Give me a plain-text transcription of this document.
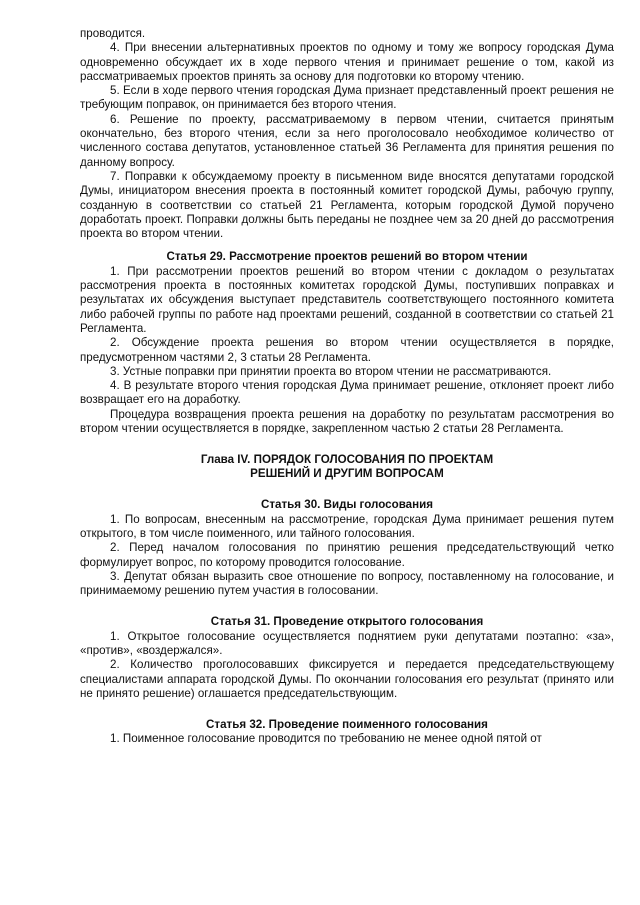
проводится.

4. При внесении альтернативных проектов по одному и тому же вопросу городская Дума одновременно обсуждает их в ходе первого чтения и принимает решение о том, какой из рассматриваемых проектов принять за основу для подготовки ко второму чтению.

5. Если в ходе первого чтения городская Дума признает представленный проект решения не требующим поправок, он принимается без второго чтения.

6. Решение по проекту, рассматриваемому в первом чтении, считается принятым окончательно, без второго чтения, если за него проголосовало необходимое количество от численного состава депутатов, установленное статьей 36 Регламента для принятия решения по данному вопросу.

7. Поправки к обсуждаемому проекту в письменном виде вносятся депутатами городской Думы, инициатором внесения проекта в постоянный комитет городской Думы, рабочую группу, созданную в соответствии со статьей 21 Регламента, которым городской Думой поручено доработать проект. Поправки должны быть переданы не позднее чем за 20 дней до рассмотрения проекта во втором чтении.

Статья 29. Рассмотрение проектов решений во втором чтении

1. При рассмотрении проектов решений во втором чтении с докладом о результатах рассмотрения проекта в постоянных комитетах городской Думы, поступивших поправках и результатах их обсуждения выступает представитель соответствующего постоянного комитета либо рабочей группы по работе над проектами решений, созданной в соответствии со статьей 21 Регламента.

2. Обсуждение проекта решения во втором чтении осуществляется в порядке, предусмотренном частями 2, 3 статьи 28 Регламента.

3. Устные поправки при принятии проекта во втором чтении не рассматриваются.

4. В результате второго чтения городская Дума принимает решение, отклоняет проект либо возвращает его на доработку.

Процедура возвращения проекта решения на доработку по результатам рассмотрения во втором чтении осуществляется в порядке, закрепленном частью 2 статьи 28 Регламента.

Глава IV. ПОРЯДОК ГОЛОСОВАНИЯ ПО ПРОЕКТАМ

РЕШЕНИЙ И ДРУГИМ ВОПРОСАМ

Статья 30. Виды голосования

1. По вопросам, внесенным на рассмотрение, городская Дума принимает решения путем открытого, в том числе поименного, или тайного голосования.

2. Перед началом голосования по принятию решения председательствующий четко формулирует вопрос, по которому проводится голосование.

3. Депутат обязан выразить свое отношение по вопросу, поставленному на голосование, и принимаемому решению путем участия в голосовании.

Статья 31. Проведение открытого голосования

1. Открытое голосование осуществляется поднятием руки депутатами поэтапно: «за», «против», «воздержался».

2. Количество проголосовавших фиксируется и передается председательствующему специалистами аппарата городской Думы. По окончании голосования его результат (принято или не принято решение) оглашается председательствующим.

Статья 32. Проведение поименного голосования

1. Поименное голосование проводится по требованию не менее одной пятой от
